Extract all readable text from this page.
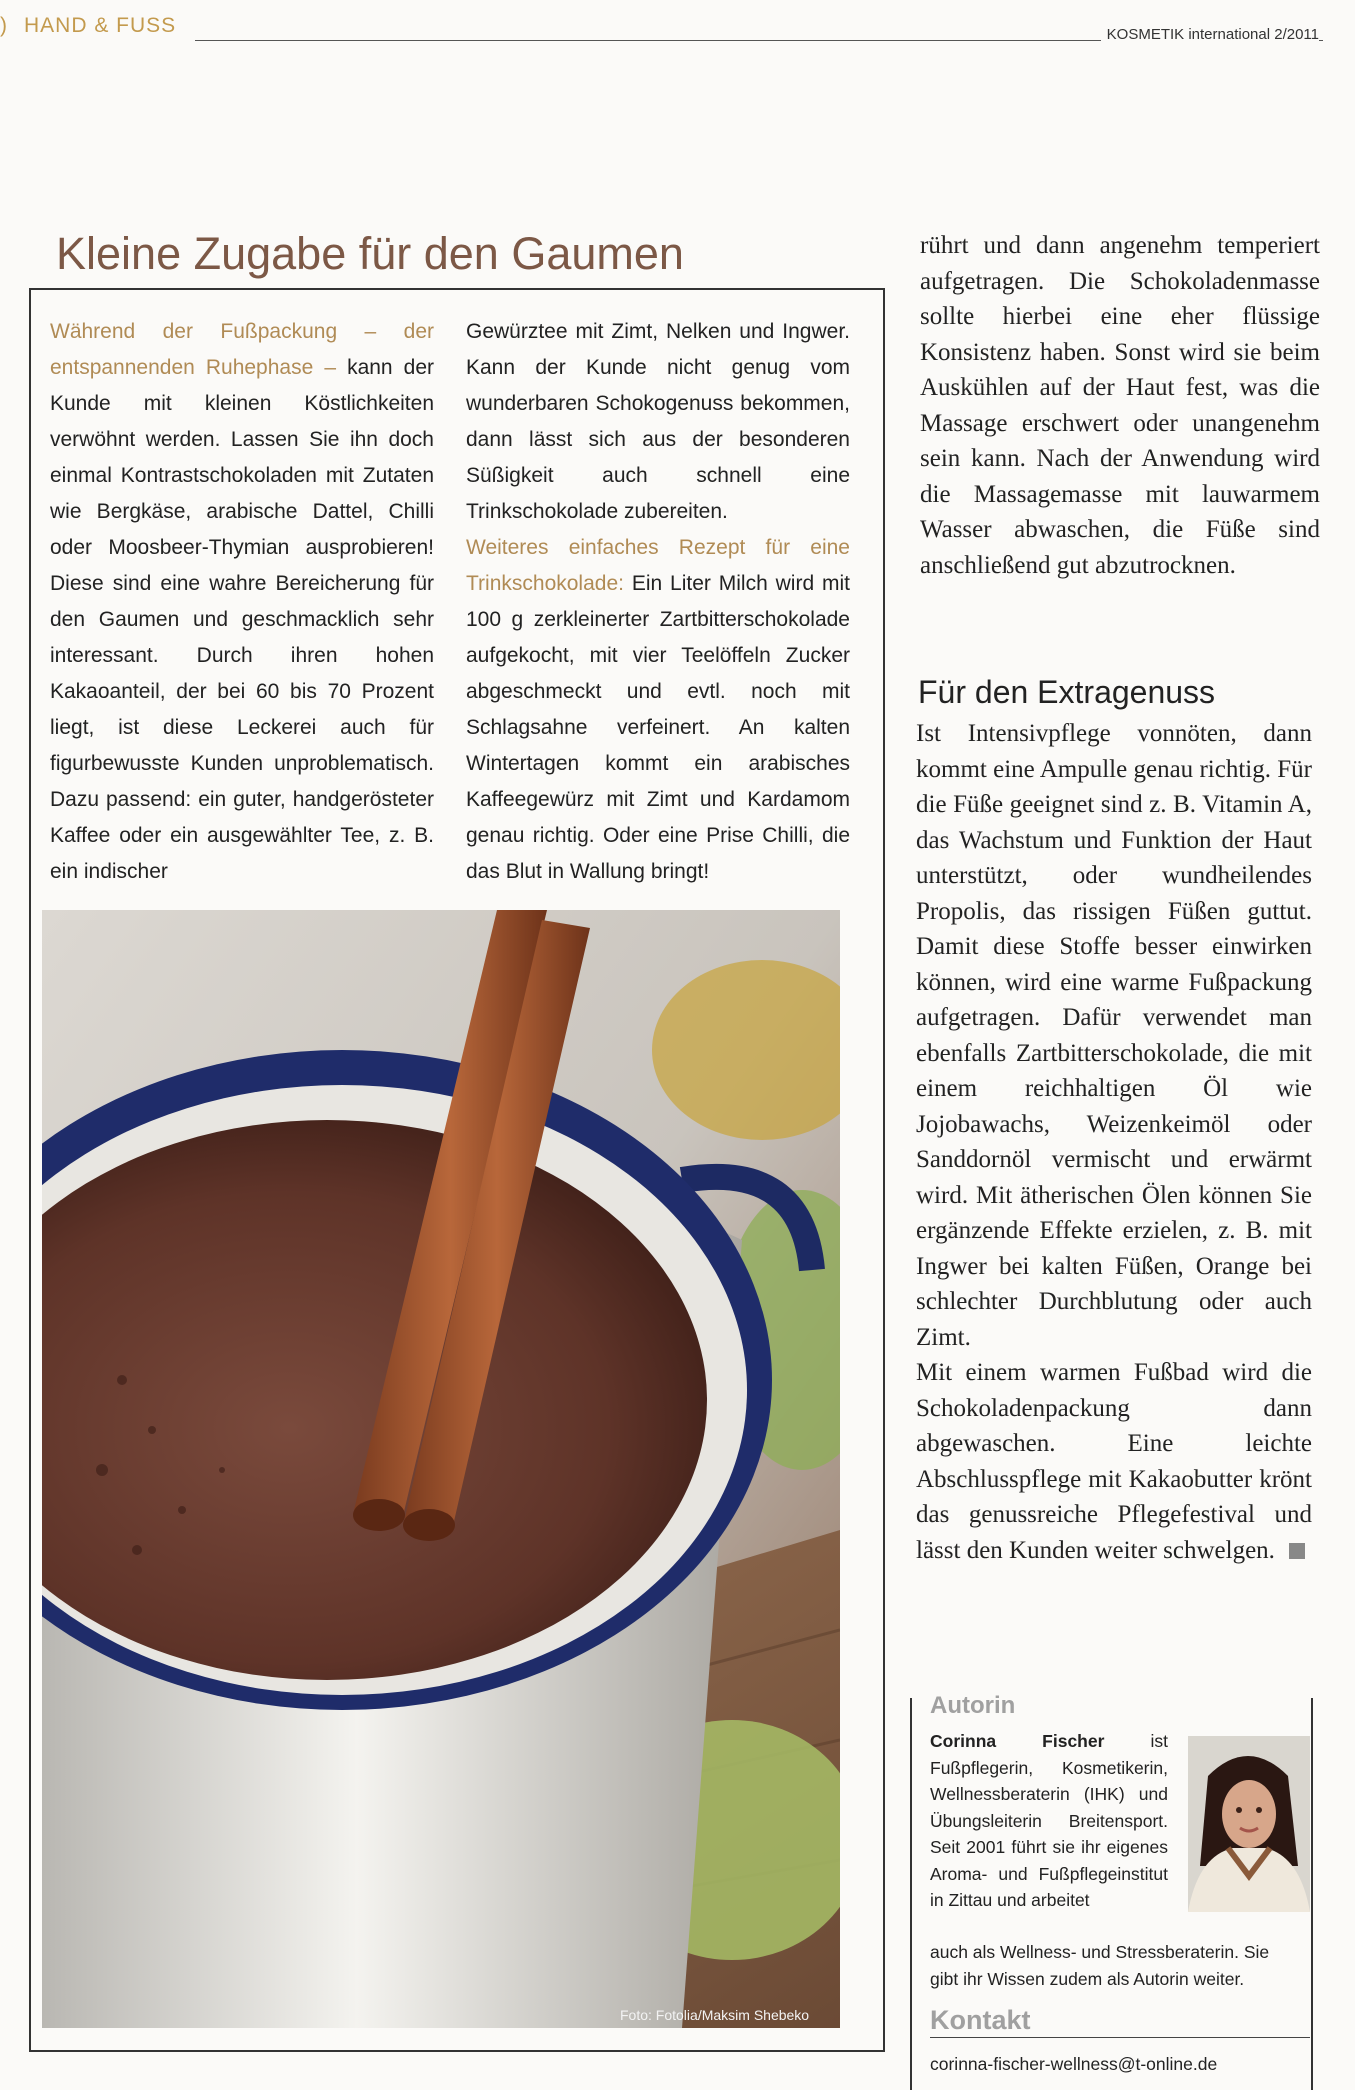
) HAND & FUSS	KOSMETIK international 2/2011
Kleine Zugabe für den Gaumen
Während der Fußpackung – der entspannenden Ruhephase – kann der Kunde mit kleinen Köstlichkeiten verwöhnt werden. Lassen Sie ihn doch einmal Kontrastschokoladen mit Zutaten wie Bergkäse, arabische Dattel, Chilli oder Moosbeer-Thymian ausprobieren! Diese sind eine wahre Bereicherung für den Gaumen und geschmacklich sehr interessant. Durch ihren hohen Kakaoanteil, der bei 60 bis 70 Prozent liegt, ist diese Leckerei auch für figurbewusste Kunden unproblematisch. Dazu passend: ein guter, handgerösteter Kaffee oder ein ausgewählter Tee, z. B. ein indischer
Gewürztee mit Zimt, Nelken und Ingwer. Kann der Kunde nicht genug vom wunderbaren Schokogenuss bekommen, dann lässt sich aus der besonderen Süßigkeit auch schnell eine Trinkschokolade zubereiten.
Weiteres einfaches Rezept für eine Trinkschokolade: Ein Liter Milch wird mit 100 g zerkleinerter Zartbitterschokolade aufgekocht, mit vier Teelöffeln Zucker abgeschmeckt und evtl. noch mit Schlagsahne verfeinert. An kalten Wintertagen kommt ein arabisches Kaffeegewürz mit Zimt und Kardamom genau richtig. Oder eine Prise Chilli, die das Blut in Wallung bringt!
Foto: Fotolia/Maksim Shebeko
rührt und dann angenehm temperiert aufgetragen. Die Schokoladenmasse sollte hierbei eine eher flüssige Konsistenz haben. Sonst wird sie beim Auskühlen auf der Haut fest, was die Massage erschwert oder unangenehm sein kann. Nach der Anwendung wird die Massagemasse mit lauwarmem Wasser abwaschen, die Füße sind anschließend gut abzutrocknen.
Für den Extragenuss
Ist Intensivpflege vonnöten, dann kommt eine Ampulle genau richtig. Für die Füße geeignet sind z. B. Vitamin A, das Wachstum und Funktion der Haut unterstützt, oder wundheilendes Propolis, das rissigen Füßen guttut. Damit diese Stoffe besser einwirken können, wird eine warme Fußpackung aufgetragen. Dafür verwendet man ebenfalls Zartbitterschokolade, die mit einem reichhaltigen Öl wie Jojobawachs, Weizenkeimöl oder Sanddornöl vermischt und erwärmt wird. Mit ätherischen Ölen können Sie ergänzende Effekte erzielen, z. B. mit Ingwer bei kalten Füßen, Orange bei schlechter Durchblutung oder auch Zimt.
Mit einem warmen Fußbad wird die Schokoladenpackung dann abgewaschen. Eine leichte Abschlusspflege mit Kakaobutter krönt das genussreiche Pflegefestival und lässt den Kunden weiter schwelgen.
Autorin
Corinna Fischer ist Fußpflegerin, Kosmetikerin, Wellnessberaterin (IHK) und Übungsleiterin Breitensport. Seit 2001 führt sie ihr eigenes Aroma- und Fußpflegeinstitut in Zittau und arbeitet
auch als Wellness- und Stressberaterin. Sie gibt ihr Wissen zudem als Autorin weiter.
Kontakt
corinna-fischer-wellness@t-online.de
